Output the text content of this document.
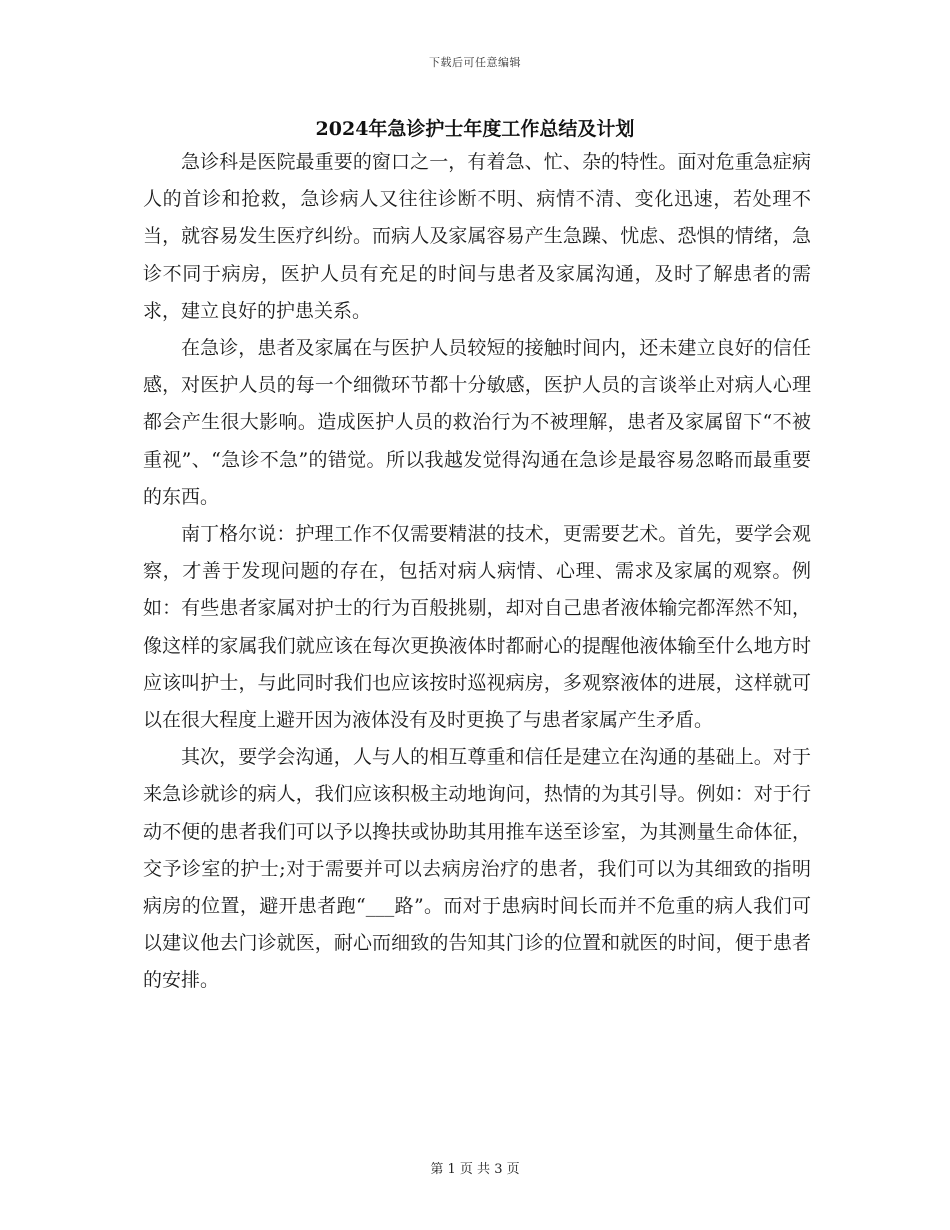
下载后可任意编辑
2024年急诊护士年度工作总结及计划

急诊科是医院最重要的窗口之一，有着急、忙、杂的特性。面对危重急症病人的首诊和抢救，急诊病人又往往诊断不明、病情不清、变化迅速，若处理不当，就容易发生医疗纠纷。而病人及家属容易产生急躁、忧虑、恐惧的情绪，急诊不同于病房，医护人员有充足的时间与患者及家属沟通，及时了解患者的需求，建立良好的护患关系。

在急诊，患者及家属在与医护人员较短的接触时间内，还未建立良好的信任感，对医护人员的每一个细微环节都十分敏感，医护人员的言谈举止对病人心理都会产生很大影响。造成医护人员的救治行为不被理解，患者及家属留下“不被重视”、“急诊不急”的错觉。所以我越发觉得沟通在急诊是最容易忽略而最重要的东西。

南丁格尔说：护理工作不仅需要精湛的技术，更需要艺术。首先，要学会观察，才善于发现问题的存在，包括对病人病情、心理、需求及家属的观察。例如：有些患者家属对护士的行为百般挑剔，却对自己患者液体输完都浑然不知，像这样的家属我们就应该在每次更换液体时都耐心的提醒他液体输至什么地方时应该叫护士，与此同时我们也应该按时巡视病房，多观察液体的进展，这样就可以在很大程度上避开因为液体没有及时更换了与患者家属产生矛盾。

其次，要学会沟通，人与人的相互尊重和信任是建立在沟通的基础上。对于来急诊就诊的病人，我们应该积极主动地询问，热情的为其引导。例如：对于行动不便的患者我们可以予以搀扶或协助其用推车送至诊室，为其测量生命体征，交予诊室的护士;对于需要并可以去病房治疗的患者，我们可以为其细致的指明病房的位置，避开患者跑“___路”。而对于患病时间长而并不危重的病人我们可以建议他去门诊就医，耐心而细致的告知其门诊的位置和就医的时间，便于患者的安排。

第 1 页 共 3 页
